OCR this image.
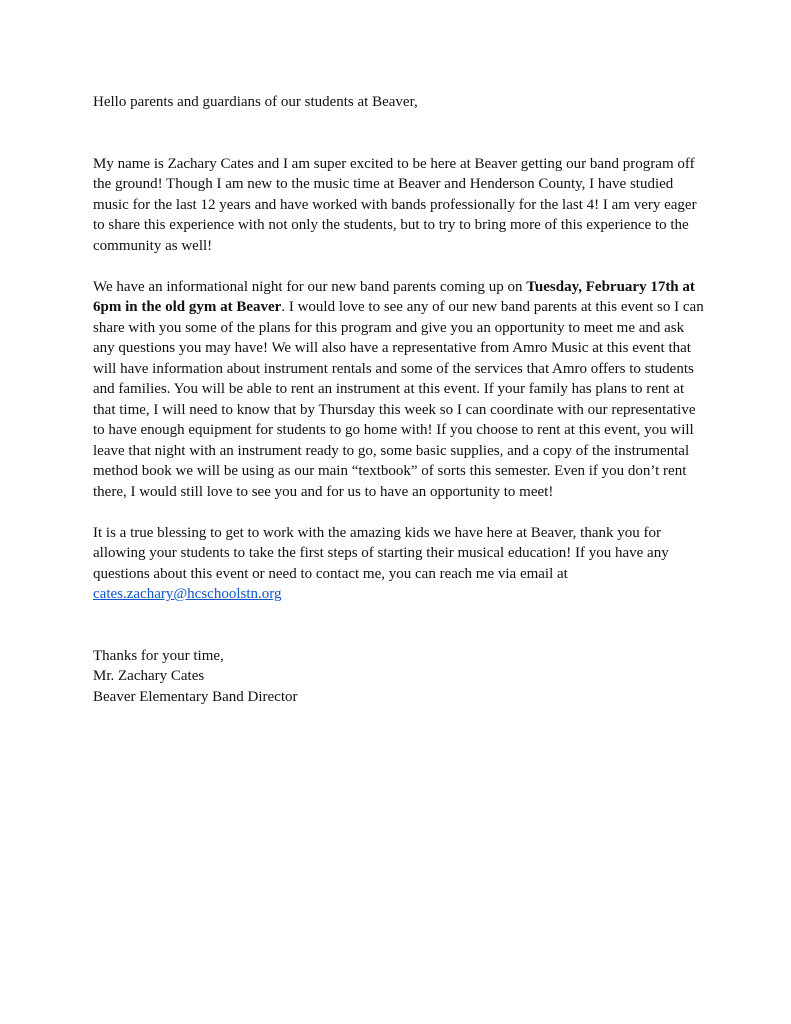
Hello parents and guardians of our students at Beaver,

My name is Zachary Cates and I am super excited to be here at Beaver getting our band program off the ground! Though I am new to the music time at Beaver and Henderson County, I have studied music for the last 12 years and have worked with bands professionally for the last 4! I am very eager to share this experience with not only the students, but to try to bring more of this experience to the community as well!

We have an informational night for our new band parents coming up on Tuesday, February 17th at 6pm in the old gym at Beaver. I would love to see any of our new band parents at this event so I can share with you some of the plans for this program and give you an opportunity to meet me and ask any questions you may have! We will also have a representative from Amro Music at this event that will have information about instrument rentals and some of the services that Amro offers to students and families. You will be able to rent an instrument at this event. If your family has plans to rent at that time, I will need to know that by Thursday this week so I can coordinate with our representative to have enough equipment for students to go home with! If you choose to rent at this event, you will leave that night with an instrument ready to go, some basic supplies, and a copy of the instrumental method book we will be using as our main “textbook” of sorts this semester. Even if you don’t rent there, I would still love to see you and for us to have an opportunity to meet!

It is a true blessing to get to work with the amazing kids we have here at Beaver, thank you for allowing your students to take the first steps of starting their musical education! If you have any questions about this event or need to contact me, you can reach me via email at
cates.zachary@hcschoolstn.org

Thanks for your time,
Mr. Zachary Cates
Beaver Elementary Band Director
